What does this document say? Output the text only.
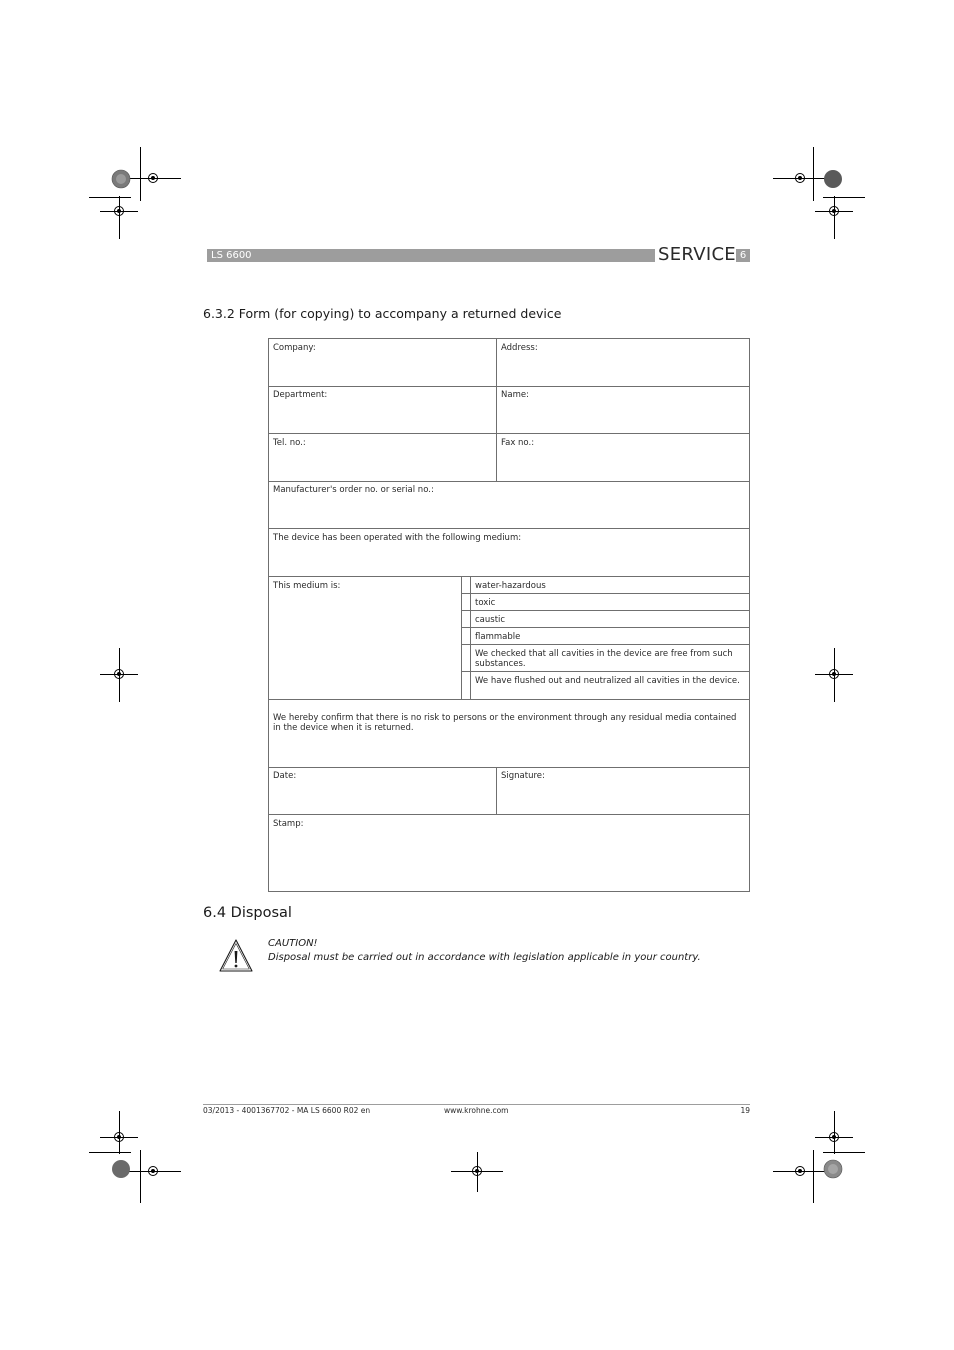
LS 6600	SERVICE 6
6.3.2 Form (for copying) to accompany a returned device
Company:	Address:
Department:	Name:
Tel. no.:	Fax no.:
Manufacturer's order no. or serial no.:
The device has been operated with the following medium:
This medium is:	water-hazardous
toxic
caustic
flammable
We checked that all cavities in the device are free from such substances.
We have flushed out and neutralized all cavities in the device.
We hereby confirm that there is no risk to persons or the environment through any residual media contained in the device when it is returned.
Date:	Signature:
Stamp:
6.4 Disposal
CAUTION!
Disposal must be carried out in accordance with legislation applicable in your country.
03/2013 - 4001367702 - MA LS 6600 R02 en	www.krohne.com	19
